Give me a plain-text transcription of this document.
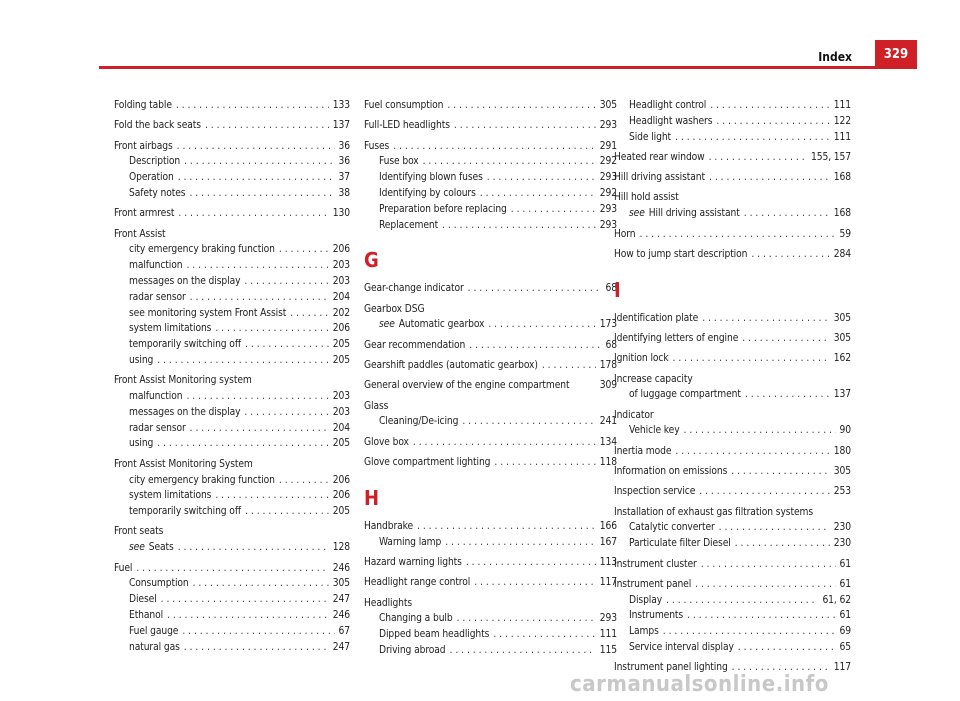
Index	329
Folding table . . .	133
Fold the back seats . . .	137
Front airbags . . .	36
Description . . .	36
Operation . . .	37
Safety notes . . .	38
Front armrest . . .	130
Front Assist
city emergency braking function . . .	206
malfunction . . .	203
messages on the display . . .	203
radar sensor . . .	204
see monitoring system Front Assist . . .	202
system limitations . . .	206
temporarily switching off . . .	205
using . . .	205
Front Assist Monitoring system
malfunction . . .	203
messages on the display . . .	203
radar sensor . . .	204
using . . .	205
Front Assist Monitoring System
city emergency braking function . . .	206
system limitations . . .	206
temporarily switching off . . .	205
Front seats
see Seats . . .	128
Fuel . . .	246
Consumption . . .	305
Diesel . . .	247
Ethanol . . .	246
Fuel gauge . . .	67
natural gas . . .	247
Fuel consumption . . .	305
Full-LED headlights . . .	293
Fuses . . .	291
Fuse box . . .	292
Identifying blown fuses . . .	293
Identifying by colours . . .	292
Preparation before replacing . . .	293
Replacement . . .	293
G
Gear-change indicator . . .	68
Gearbox DSG
see Automatic gearbox . . .	173
Gear recommendation . . .	68
Gearshift paddles (automatic gearbox) . . .	178
General overview of the engine compartment	309
Glass
Cleaning/De-icing . . .	241
Glove box . . .	134
Glove compartment lighting . . .	118
H
Handbrake . . .	166
Warning lamp . . .	167
Hazard warning lights . . .	113
Headlight range control . . .	117
Headlights
Changing a bulb . . .	293
Dipped beam headlights . . .	111
Driving abroad . . .	115
Headlight control . . .	111
Headlight washers . . .	122
Side light . . .	111
Heated rear window . . .	155, 157
Hill driving assistant . . .	168
Hill hold assist
see Hill driving assistant . . .	168
Horn . . .	59
How to jump start description . . .	284
I
Identification plate . . .	305
Identifying letters of engine . . .	305
Ignition lock . . .	162
Increase capacity
of luggage compartment . . .	137
Indicator
Vehicle key . . .	90
Inertia mode . . .	180
Information on emissions . . .	305
Inspection service . . .	253
Installation of exhaust gas filtration systems
Catalytic converter . . .	230
Particulate filter Diesel . . .	230
Instrument cluster . . .	61
Instrument panel . . .	61
Display . . .	61, 62
Instruments . . .	61
Lamps . . .	69
Service interval display . . .	65
Instrument panel lighting . . .	117
carmanualsonline.info
